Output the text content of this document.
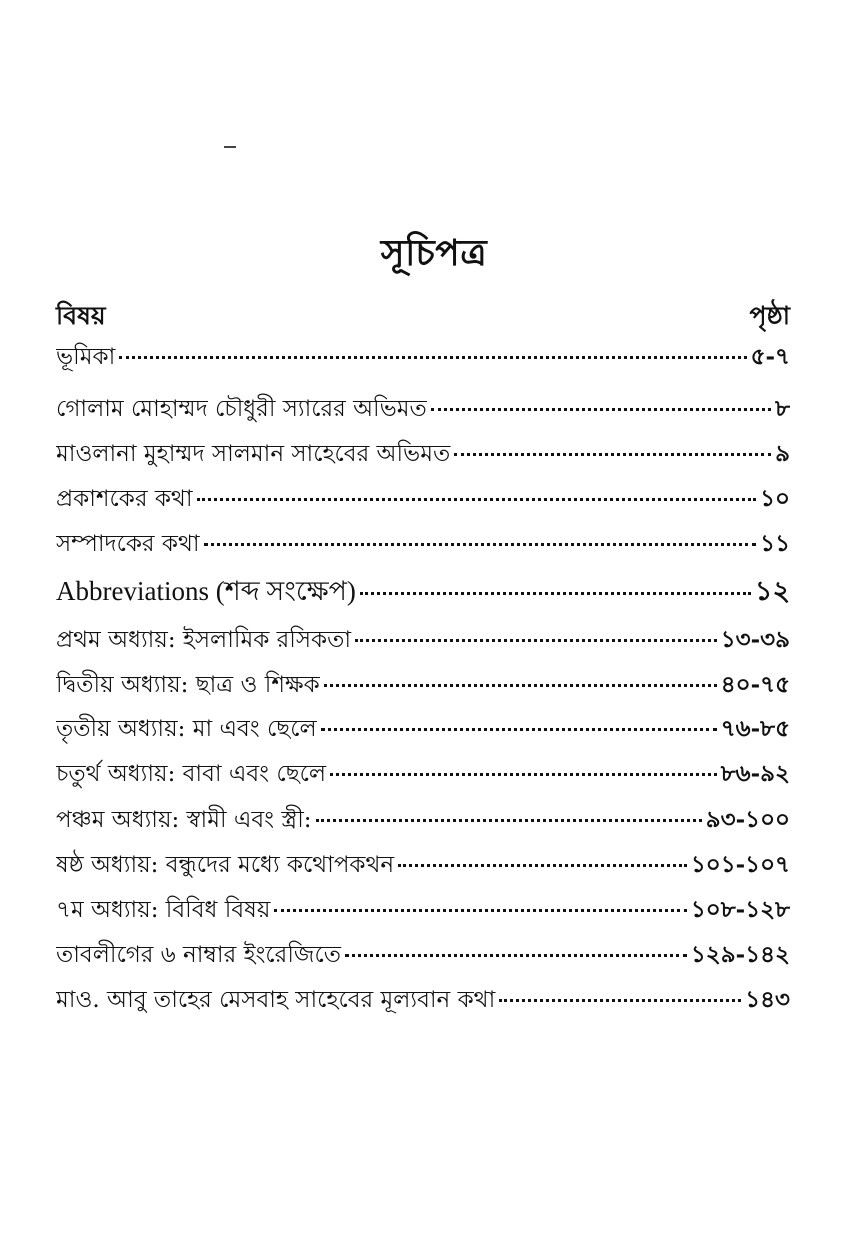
সূচিপত্র
বিষয়	পৃষ্ঠা
ভূমিকা	৫-৭
গোলাম মোহাম্মদ চৌধুরী স্যারের অভিমত	৮
মাওলানা মুহাম্মদ সালমান সাহেবের অভিমত	৯
প্রকাশকের কথা	১০
সম্পাদকের কথা	১১
Abbreviations (শব্দ সংক্ষেপ)	১২
প্রথম অধ্যায়: ইসলামিক রসিকতা	১৩-৩৯
দ্বিতীয় অধ্যায়: ছাত্র ও শিক্ষক	৪০-৭৫
তৃতীয় অধ্যায়: মা এবং ছেলে	৭৬-৮৫
চতুর্থ অধ্যায়: বাবা এবং ছেলে	৮৬-৯২
পঞ্চম অধ্যায়: স্বামী এবং স্ত্রী:	৯৩-১০০
ষষ্ঠ অধ্যায়: বন্ধুদের মধ্যে কথোপকথন	১০১-১০৭
৭ম অধ্যায়: বিবিধ বিষয়	১০৮-১২৮
তাবলীগের ৬ নাম্বার ইংরেজিতে	১২৯-১৪২
মাও. আবু তাহের মেসবাহ সাহেবের মূল্যবান কথা	১৪৩
